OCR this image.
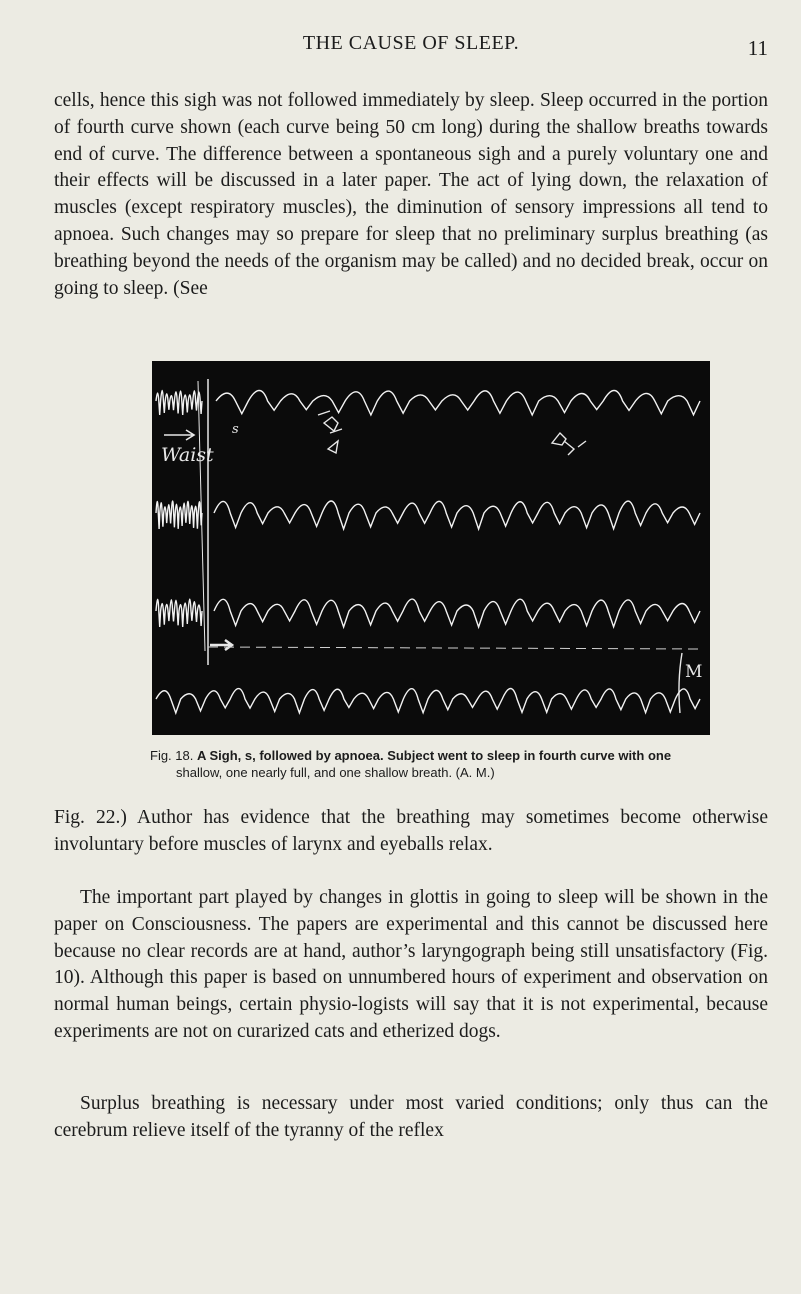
THE CAUSE OF SLEEP.	11

cells, hence this sigh was not followed immediately by sleep. Sleep occurred in the portion of fourth curve shown (each curve being 50 cm long) during the shallow breaths towards end of curve. The difference between a spontaneous sigh and a purely voluntary one and their effects will be discussed in a later paper. The act of lying down, the relaxation of muscles (except respiratory muscles), the diminution of sensory impressions all tend to apnoea. Such changes may so prepare for sleep that no preliminary surplus breathing (as breathing beyond the needs of the organism may be called) and no decided break, occur on going to sleep. (See

s
Waist
M

Fig. 18. A Sigh, s, followed by apnoea. Subject went to sleep in fourth curve with one
shallow, one nearly full, and one shallow breath. (A. M.)

Fig. 22.) Author has evidence that the breathing may sometimes become otherwise involuntary before muscles of larynx and eyeballs relax.

The important part played by changes in glottis in going to sleep will be shown in the paper on Consciousness. The papers are experimental and this cannot be discussed here because no clear records are at hand, author’s laryngograph being still unsatisfactory (Fig. 10). Although this paper is based on unnumbered hours of experiment and observation on normal human beings, certain physio-logists will say that it is not experimental, because experiments are not on curarized cats and etherized dogs.

Surplus breathing is necessary under most varied conditions; only thus can the cerebrum relieve itself of the tyranny of the reflex
